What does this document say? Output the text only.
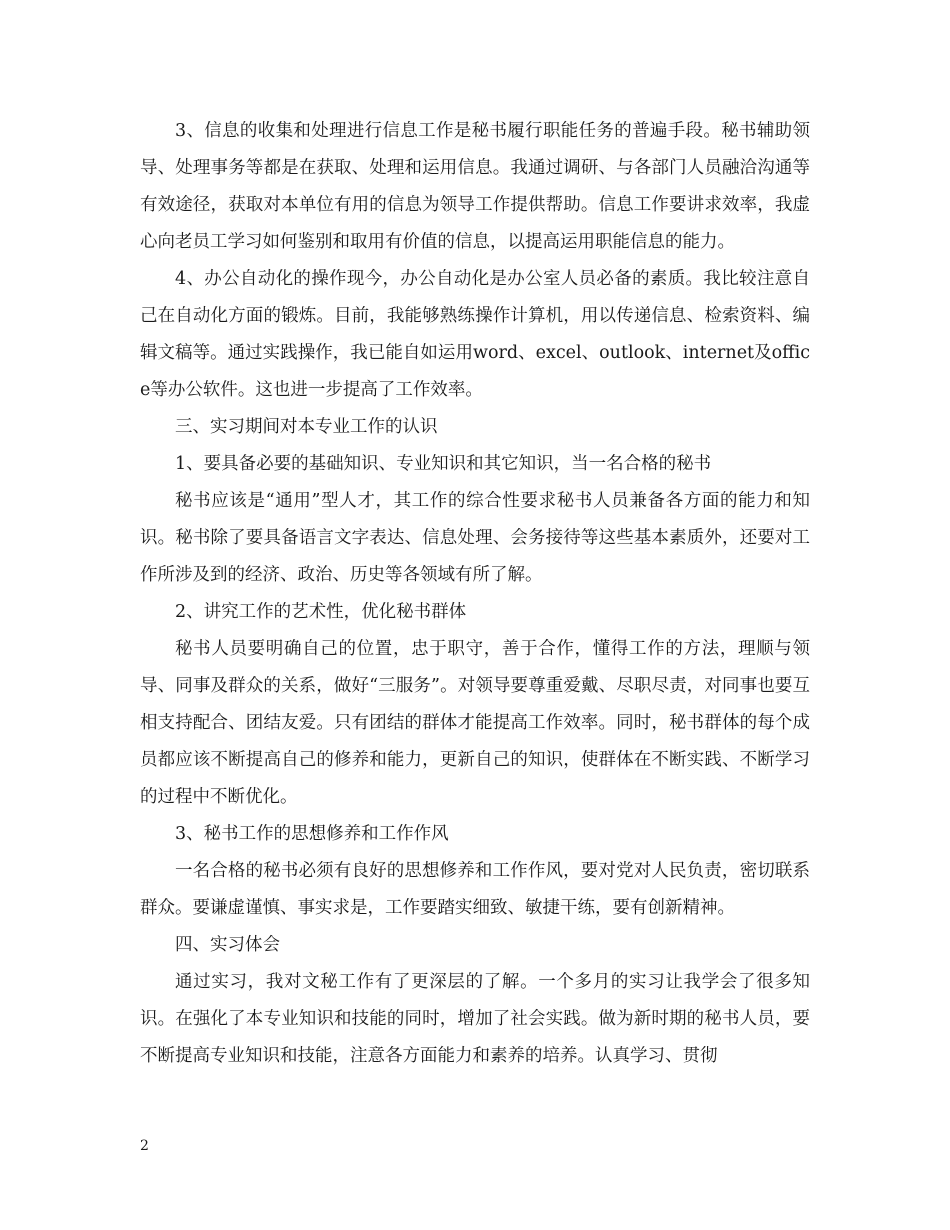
3、信息的收集和处理进行信息工作是秘书履行职能任务的普遍手段。秘书辅助领导、处理事务等都是在获取、处理和运用信息。我通过调研、与各部门人员融洽沟通等有效途径，获取对本单位有用的信息为领导工作提供帮助。信息工作要讲求效率，我虚心向老员工学习如何鉴别和取用有价值的信息，以提高运用职能信息的能力。

4、办公自动化的操作现今，办公自动化是办公室人员必备的素质。我比较注意自己在自动化方面的锻炼。目前，我能够熟练操作计算机，用以传递信息、检索资料、编辑文稿等。通过实践操作，我已能自如运用word、excel、outlook、internet及office等办公软件。这也进一步提高了工作效率。

三、实习期间对本专业工作的认识

1、要具备必要的基础知识、专业知识和其它知识，当一名合格的秘书

秘书应该是“通用”型人才，其工作的综合性要求秘书人员兼备各方面的能力和知识。秘书除了要具备语言文字表达、信息处理、会务接待等这些基本素质外，还要对工作所涉及到的经济、政治、历史等各领域有所了解。

2、讲究工作的艺术性，优化秘书群体

秘书人员要明确自己的位置，忠于职守，善于合作，懂得工作的方法，理顺与领导、同事及群众的关系，做好“三服务”。对领导要尊重爱戴、尽职尽责，对同事也要互相支持配合、团结友爱。只有团结的群体才能提高工作效率。同时，秘书群体的每个成员都应该不断提高自己的修养和能力，更新自己的知识，使群体在不断实践、不断学习的过程中不断优化。

3、秘书工作的思想修养和工作作风

一名合格的秘书必须有良好的思想修养和工作作风，要对党对人民负责，密切联系群众。要谦虚谨慎、事实求是，工作要踏实细致、敏捷干练，要有创新精神。

四、实习体会

通过实习，我对文秘工作有了更深层的了解。一个多月的实习让我学会了很多知识。在强化了本专业知识和技能的同时，增加了社会实践。做为新时期的秘书人员，要不断提高专业知识和技能，注意各方面能力和素养的培养。认真学习、贯彻

2
